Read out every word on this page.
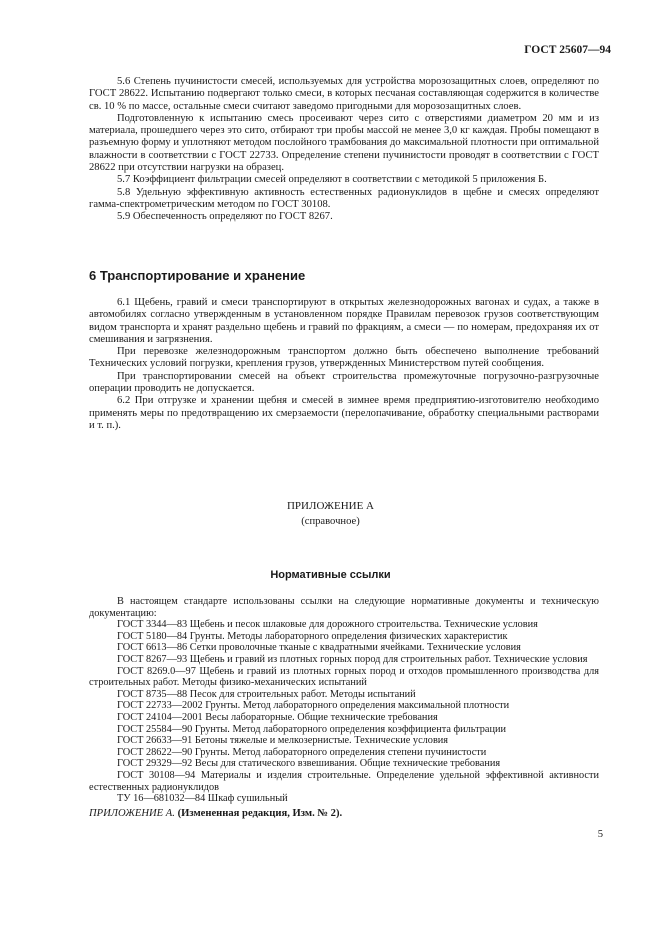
ГОСТ 25607—94

5.6 Степень пучинистости смесей, используемых для устройства морозозащитных слоев, определяют по ГОСТ 28622. Испытанию подвергают только смеси, в которых песчаная составляющая содержится в количестве св. 10 % по массе, остальные смеси считают заведомо пригодными для морозозащитных слоев.

Подготовленную к испытанию смесь просеивают через сито с отверстиями диаметром 20 мм и из материала, прошедшего через это сито, отбирают три пробы массой не менее 3,0 кг каждая. Пробы помещают в разъемную форму и уплотняют методом послойного трамбования до максимальной плотности при оптимальной влажности в соответствии с ГОСТ 22733. Определение степени пучинистости проводят в соответствии с ГОСТ 28622 при отсутствии нагрузки на образец.

5.7 Коэффициент фильтрации смесей определяют в соответствии с методикой 5 приложения Б.

5.8 Удельную эффективную активность естественных радионуклидов в щебне и смесях определяют гамма-спектрометрическим методом по ГОСТ 30108.

5.9 Обеспеченность определяют по ГОСТ 8267.

6 Транспортирование и хранение

6.1 Щебень, гравий и смеси транспортируют в открытых железнодорожных вагонах и судах, а также в автомобилях согласно утвержденным в установленном порядке Правилам перевозок грузов соответствующим видом транспорта и хранят раздельно щебень и гравий по фракциям, а смеси — по номерам, предохраняя их от смешивания и загрязнения.

При перевозке железнодорожным транспортом должно быть обеспечено выполнение требований Технических условий погрузки, крепления грузов, утвержденных Министерством путей сообщения.

При транспортировании смесей на объект строительства промежуточные погрузочно-разгрузочные операции проводить не допускается.

6.2 При отгрузке и хранении щебня и смесей в зимнее время предприятию-изготовителю необходимо применять меры по предотвращению их смерзаемости (перелопачивание, обработку специальными растворами и т. п.).

ПРИЛОЖЕНИЕ А
(справочное)
Нормативные ссылки

В настоящем стандарте использованы ссылки на следующие нормативные документы и техническую документацию:

ГОСТ 3344—83 Щебень и песок шлаковые для дорожного строительства. Технические условия

ГОСТ 5180—84 Грунты. Методы лабораторного определения физических характеристик

ГОСТ 6613—86 Сетки проволочные тканые с квадратными ячейками. Технические условия

ГОСТ 8267—93 Щебень и гравий из плотных горных пород для строительных работ. Технические условия

ГОСТ 8269.0—97 Щебень и гравий из плотных горных пород и отходов промышленного производства для строительных работ. Методы физико-механических испытаний

ГОСТ 8735—88 Песок для строительных работ. Методы испытаний

ГОСТ 22733—2002 Грунты. Метод лабораторного определения максимальной плотности

ГОСТ 24104—2001 Весы лабораторные. Общие технические требования

ГОСТ 25584—90 Грунты. Метод лабораторного определения коэффициента фильтрации

ГОСТ 26633—91 Бетоны тяжелые и мелкозернистые. Технические условия

ГОСТ 28622—90 Грунты. Метод лабораторного определения степени пучинистости

ГОСТ 29329—92 Весы для статического взвешивания. Общие технические требования

ГОСТ 30108—94 Материалы и изделия строительные. Определение удельной эффективной активности естественных радионуклидов

ТУ 16—681032—84 Шкаф сушильный

ПРИЛОЖЕНИЕ А. (Измененная редакция, Изм. № 2).
5
